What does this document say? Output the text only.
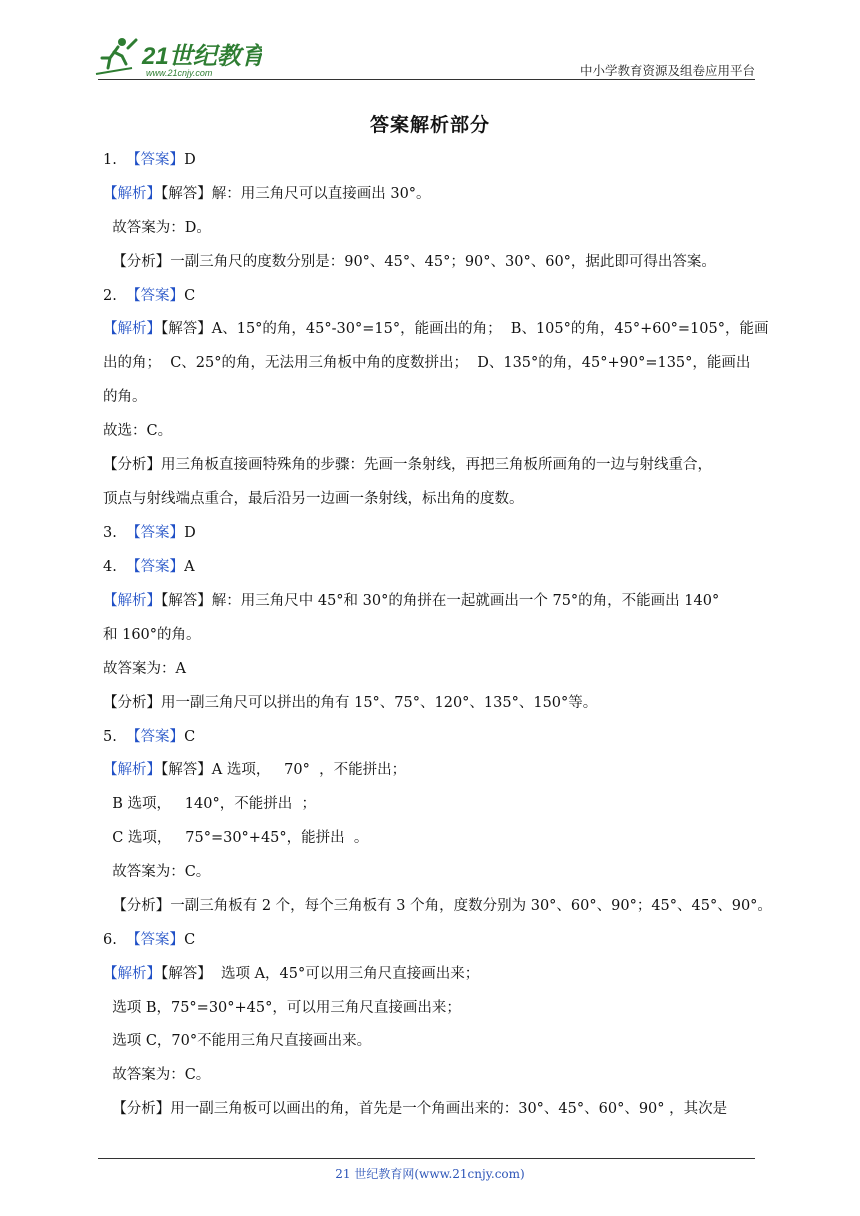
21世纪教育
www.21cnjy.com	中小学教育资源及组卷应用平台
答案解析部分
1.  【答案】D
【解析】【解答】解：用三角尺可以直接画出 30°。
故答案为：D。
【分析】一副三角尺的度数分别是：90°、45°、45°；90°、30°、60°，据此即可得出答案。
2.  【答案】C
【解析】【解答】A、15°的角，45°-30°=15°，能画出的角；  B、105°的角，45°+60°=105°，能画
出的角；  C、25°的角，无法用三角板中角的度数拼出；  D、135°的角，45°+90°=135°，能画出
的角。
故选：C。
【分析】用三角板直接画特殊角的步骤：先画一条射线，再把三角板所画角的一边与射线重合，
顶点与射线端点重合，最后沿另一边画一条射线，标出角的度数。
3.  【答案】D
4.  【答案】A
【解析】【解答】解：用三角尺中 45°和 30°的角拼在一起就画出一个 75°的角，不能画出 140°
和 160°的角。
故答案为：A
【分析】用一副三角尺可以拼出的角有 15°、75°、120°、135°、150°等。
5.  【答案】C
【解析】【解答】A 选项，   70°  ，不能拼出；
B 选项，   140°，不能拼出  ；
C 选项，   75°=30°+45°，能拼出  。
故答案为：C。
【分析】一副三角板有 2 个，每个三角板有 3 个角，度数分别为 30°、60°、90°；45°、45°、90°。
6.  【答案】C
【解析】【解答】  选项 A，45°可以用三角尺直接画出来；
选项 B，75°=30°+45°，可以用三角尺直接画出来；
选项 C，70°不能用三角尺直接画出来。
故答案为：C。
【分析】用一副三角板可以画出的角，首先是一个角画出来的：30°、45°、60°、90° ，其次是
21 世纪教育网(www.21cnjy.com)
